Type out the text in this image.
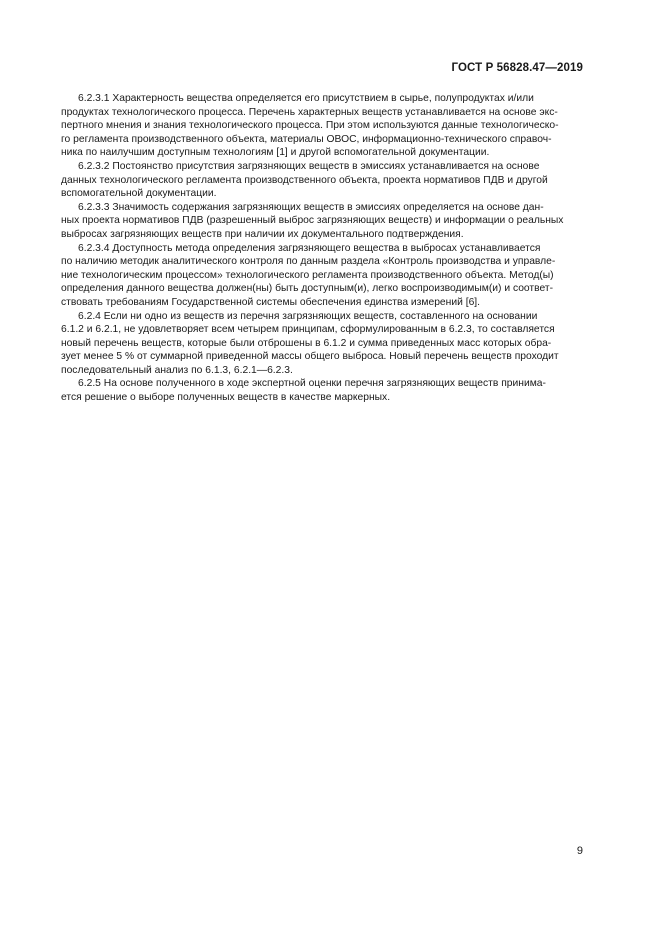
ГОСТ Р 56828.47—2019

6.2.3.1 Характерность вещества определяется его присутствием в сырье, полупродуктах и/или
продуктах технологического процесса. Перечень характерных веществ устанавливается на основе экс-
пертного мнения и знания технологического процесса. При этом используются данные технологическо-
го регламента производственного объекта, материалы ОВОС, информационно-технического справоч-
ника по наилучшим доступным технологиям [1] и другой вспомогательной документации.

6.2.3.2 Постоянство присутствия загрязняющих веществ в эмиссиях устанавливается на основе
данных технологического регламента производственного объекта, проекта нормативов ПДВ и другой
вспомогательной документации.

6.2.3.3 Значимость содержания загрязняющих веществ в эмиссиях определяется на основе дан-
ных проекта нормативов ПДВ (разрешенный выброс загрязняющих веществ) и информации о реальных
выбросах загрязняющих веществ при наличии их документального подтверждения.

6.2.3.4 Доступность метода определения загрязняющего вещества в выбросах устанавливается
по наличию методик аналитического контроля по данным раздела «Контроль производства и управле-
ние технологическим процессом» технологического регламента производственного объекта. Метод(ы)
определения данного вещества должен(ны) быть доступным(и), легко воспроизводимым(и) и соответ-
ствовать требованиям Государственной системы обеспечения единства измерений [6].

6.2.4 Если ни одно из веществ из перечня загрязняющих веществ, составленного на основании
6.1.2 и 6.2.1, не удовлетворяет всем четырем принципам, сформулированным в 6.2.3, то составляется
новый перечень веществ, которые были отброшены в 6.1.2 и сумма приведенных масс которых обра-
зует менее 5 % от суммарной приведенной массы общего выброса. Новый перечень веществ проходит
последовательный анализ по 6.1.3, 6.2.1—6.2.3.

6.2.5 На основе полученного в ходе экспертной оценки перечня загрязняющих веществ принима-
ется решение о выборе полученных веществ в качестве маркерных.

9
